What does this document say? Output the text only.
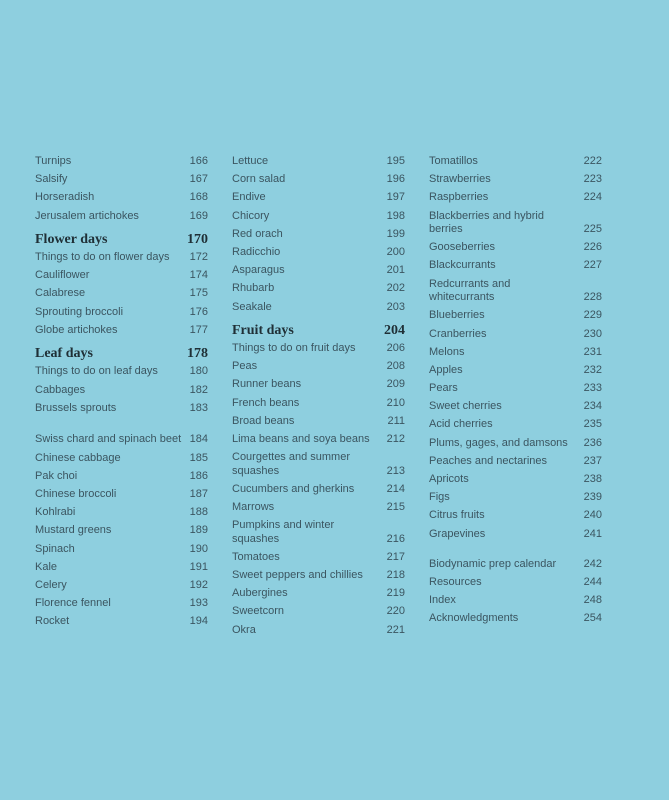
Turnips	166
Salsify	167
Horseradish	168
Jerusalem artichokes	169
Flower days	170
Things to do on flower days	172
Cauliflower	174
Calabrese	175
Sprouting broccoli	176
Globe artichokes	177
Leaf days	178
Things to do on leaf days	180
Cabbages	182
Brussels sprouts	183
Swiss chard and spinach beet 184
Chinese cabbage	185
Pak choi	186
Chinese broccoli	187
Kohlrabi	188
Mustard greens	189
Spinach	190
Kale	191
Celery	192
Florence fennel	193
Rocket	194
Lettuce	195
Corn salad	196
Endive	197
Chicory	198
Red orach	199
Radicchio	200
Asparagus	201
Rhubarb	202
Seakale	203
Fruit days	204
Things to do on fruit days	206
Peas	208
Runner beans	209
French beans	210
Broad beans	211
Lima beans and soya beans	212
Courgettes and summer squashes	213
Cucumbers and gherkins	214
Marrows	215
Pumpkins and winter squashes	216
Tomatoes	217
Sweet peppers and chillies	218
Aubergines	219
Sweetcorn	220
Okra	221
Tomatillos	222
Strawberries	223
Raspberries	224
Blackberries and hybrid berries	225
Gooseberries	226
Blackcurrants	227
Redcurrants and whitecurrants	228
Blueberries	229
Cranberries	230
Melons	231
Apples	232
Pears	233
Sweet cherries	234
Acid cherries	235
Plums, gages, and damsons	236
Peaches and nectarines	237
Apricots	238
Figs	239
Citrus fruits	240
Grapevines	241
Biodynamic prep calendar	242
Resources	244
Index	248
Acknowledgments	254
